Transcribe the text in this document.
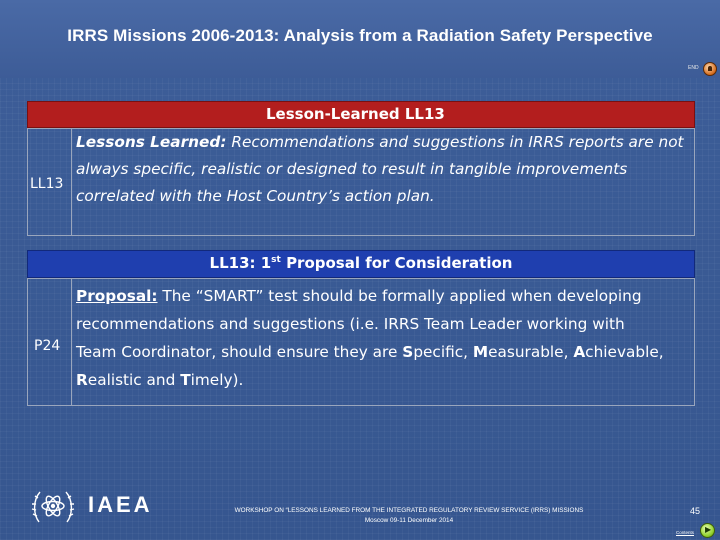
IRRS Missions 2006-2013: Analysis from a Radiation Safety Perspective
END
Lesson-Learned LL13
LL13
Lessons Learned: Recommendations and suggestions in IRRS reports are not
always specific, realistic or designed to result in tangible improvements
correlated with the Host Country’s action plan.
LL13: 1st Proposal for Consideration
P24
Proposal: The “SMART” test should be formally applied when developing
recommendations and suggestions (i.e. IRRS Team Leader working with
Team Coordinator, should ensure they are Specific, Measurable, Achievable,
Realistic and Timely).
IAEA	WORKSHOP ON “LESSONS LEARNED FROM THE INTEGRATED REGULATORY REVIEW SERVICE (IRRS) MISSIONS
Moscow 09-11 December 2014
45
Contents ▶
